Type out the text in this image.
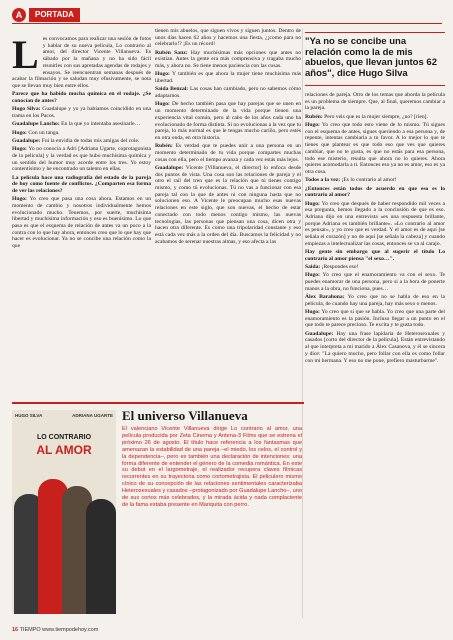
A	PORTADA

Les convocamos para realizar una sesión de fotos y hablar de su nueva película, Lo contrario al amor, del director Vicente Villanueva. Es sábado por la mañana y no ha sido fácil reunirles con sus apretadas agendas de rodajes y ensayos. Se reencuentran semanas después de acabar la filmación y se saludan muy efusivamente, se nota que se llevan muy bien entre ellos.

Parece que ha habido mucha química en el rodaje. ¿Se conocían de antes?

Hugo Silva: Guadalupe y yo ya habíamos coincidido en una trama en los Pacos.

Guadalupe Lancho: En la que yo intentaba asesinarle…

Hugo: Con un tanga.

Guadalupe: Fui la envidia de todas mis amigas del cole.

Hugo: Yo no conocía a Adri [Adriana Ugarte, coprotagonista de la película] y la verdad es que hubo muchísima química y un sentido del humor muy acorde entre los tres. Yo estoy contentísimo y he encontrado un talento en ellas.

La película hace una radiografía del estado de la pareja de hoy como fuente de conflictos. ¿Comparten esa forma de ver las relaciones?

Hugo: Yo creo que pasa una cosa ahora. Estamos en un momento de cambio y nosotros individualmente hemos evolucionado mucho. Tenemos, por suerte, muchísima libertad y muchísima información y eso es buenísimo. Lo que pasa es que el esquema de relación de antes va un poco a la contra con lo que hay ahora, entonces creo que lo que hay que hacer es evolucionar. Ya no se concibe una relación como la que

tienen mis abuelos, que siguen vivos y siguen juntos. Dentro de unos días hacen 62 años y hacemos una fiesta, ¿¡como para no celebrarlo!? ¡Es un récord!

Rubén Sanz: Hay muchísimas más opciones que antes no existían. Antes la gente era más comprensiva y tragaba mucho más, y ahora no. Se tiene menos paciencia con las cosas.

Hugo: Y también es que ahora la mujer tiene muchísima más libertad.

Saida Benzal: Las cosas han cambiado, pero no sabemos cómo adaptarnos.

Hugo: De hecho también pasa que hay parejas que se unen en un momento determinado de la vida porque tienen una experiencia vital común, pero al cabo de los años cada uno ha evolucionado de forma distinta. Si no evolucionas a la vez que tu pareja, lo más normal es que le tengas mucho cariño, pero estés en otra onda, en otra historia.

Rubén: Es verdad que te puedes unir a una persona en un momento determinado de tu vida porque compartes muchas cosas con ella, pero el tiempo avanza y cada vez estás más lejos.

Guadalupe: Vicente [Villanueva, el director] lo enfoca desde dos puntos de vista. Una cosa son las relaciones de pareja y el otro el rail del tren que es la relación que tú tienes contigo mismo, y como tú evolucionas. Tú no vas a funcionar con esa pareja tal con la que de antes ni con ninguna hasta que no solucionen eso. A Vicente le preocupan mucho esas nuevas relaciones en este siglo, que son nuevas, el hecho de estar conectado con todo menos contigo mismo, las nuevas tecnologías, las personas que piensan una cosa, dicen otra y hacen otra diferente. Es como una tripolaridad constante y eso está cada vez más a la orden del día. Buscamos la felicidad y no acabamos de serenar nuestras almas, y eso afecta a las

"Ya no se concibe una relación como la de mis abuelos, que llevan juntos 62 años", dice Hugo Silva

relaciones de pareja. Otro de los temas que aborda la película es un problema de siempre. Que, al final, queremos cambiar a la pareja.

Rubén: Pero veis que es la mujer siempre, ¿no? [ríen].

Hugo: Yo creo que todo esto viene de lo mismo. Tú sigues con el esquema de antes, sigues queriendo a esa persona y, de repente, intentas cambiarla a tu favor. A lo mejor lo que te tienes que plantear es que todo eso que ves que quieres cambiar, que no te gusta, es que no estás para esa persona, todo ese misterio, resulta que ahora no lo quieres. Ahora quieres acomodarla a ti. Entonces eso ya no es amor, eso es ya otra cosa.

Todos a la vez: ¡Es lo contrario al amor!

¿Entonces están todos de acuerdo en que eso es lo contrario al amor?

Hugo: Yo creo que después de haber respondido mil veces a esa pregunta, hemos llegado a la conclusión de que es eso. Adriana dijo en una entrevista «es una respuesta brillante, porque Adriana es también brillante». «Lo contrario al amor es pensar», y yo creo que es verdad. Y el amor es de aquí [se señala el corazón] y no de aquí [se señala la cabeza] y cuando empiezas a intelectualizar las cosas, entonces se va al carajo.

Hay gente sin embargo que al sugerir el título Lo contrario al amor piensa "el sexo…".

Saida: ¡Respondes eso!

Hugo: Yo creo que el enamoramiento va con el sexo. Te puedes enamorar de una persona, pero si a la hora de ponerte manos a la obra, no funciona, pues…

Álex Barahona: Yo creo que no se habla de eso en la película, de cuando hay una pareja, hay más sexo o menos.

Hugo: Yo creo que sí que se habla. Yo creo que una parte del enamoramiento es la pasión. Incluso llegar a un punto en el que todo te parece precioso. Te excita y te gusta todo.

Guadalupe: Hay una frase lapidaria de Heterosexuales y casados [corto del director de la película]. Están entrevistando al que interpreta a mi marido a Álex Casanova, y él se sincera y dice: "La quiero mucho, pero follar con ella es como follar con mi hermana. Y eso no me pone, prefiero masturbarme".

HUGO SILVA	ADRIANA UGARTE
LO CONTRARIO
AL AMOR
El universo Villanueva
El valenciano Vicente Villanueva dirige Lo contrario al amor, una película producida por Zeta Cinema y Antena-3 Films que se estrena el próximo 26 de agosto. El título hace referencia a los fantasmas que amenazan la estabilidad de una pareja –el miedo, los celos, el control y la dependencia–, pero es también una declaración de intenciones: una forma diferente de entender el género de la comedia romántica. En este su debut en el largometraje, el realizador recupera claves fílmicas recurrentes en su trayectoria como cortometrajista. El peliculero mismo cínico de su concepción de las relaciones sentimentales caracterizaba Heterosexuales y casados –protagonizado por Guadalupe Lancho–, uno de sus cortos más celebrados, y la mirada ácida y nada complaciente de la fama estaba presente en Mariquita con perro.
16 TIEMPO www.tiempodehoy.com
